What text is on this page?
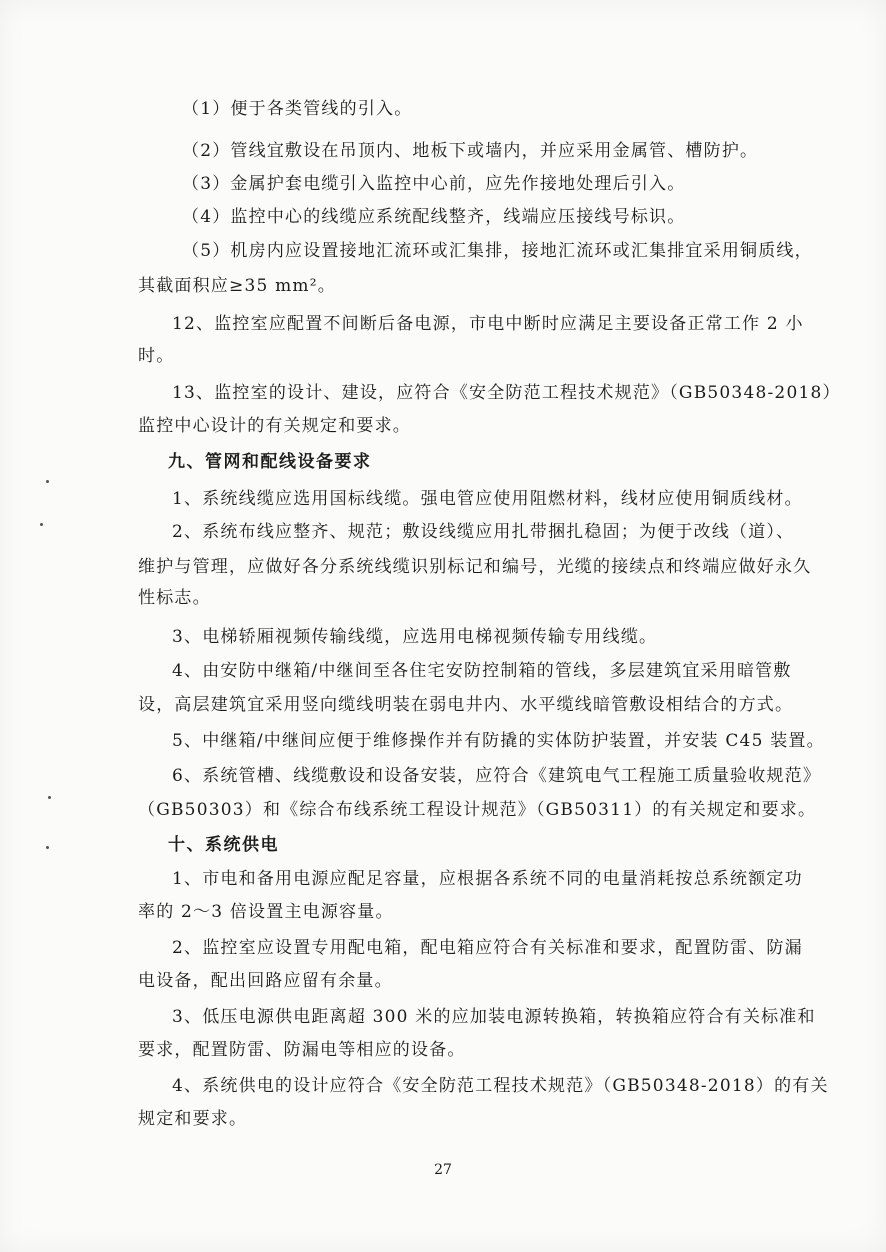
（1）便于各类管线的引入。
（2）管线宜敷设在吊顶内、地板下或墙内，并应采用金属管、槽防护。
（3）金属护套电缆引入监控中心前，应先作接地处理后引入。
（4）监控中心的线缆应系统配线整齐，线端应压接线号标识。
（5）机房内应设置接地汇流环或汇集排，接地汇流环或汇集排宜采用铜质线，
其截面积应≥35 mm²。
12、监控室应配置不间断后备电源，市电中断时应满足主要设备正常工作 2 小
时。
13、监控室的设计、建设，应符合《安全防范工程技术规范》（GB50348-2018）
监控中心设计的有关规定和要求。
九、管网和配线设备要求
1、系统线缆应选用国标线缆。强电管应使用阻燃材料，线材应使用铜质线材。
2、系统布线应整齐、规范；敷设线缆应用扎带捆扎稳固；为便于改线（道）、
维护与管理，应做好各分系统线缆识别标记和编号，光缆的接续点和终端应做好永久
性标志。
3、电梯轿厢视频传输线缆，应选用电梯视频传输专用线缆。
4、由安防中继箱/中继间至各住宅安防控制箱的管线，多层建筑宜采用暗管敷
设，高层建筑宜采用竖向缆线明装在弱电井内、水平缆线暗管敷设相结合的方式。
5、中继箱/中继间应便于维修操作并有防撬的实体防护装置，并安装 C45 装置。
6、系统管槽、线缆敷设和设备安装，应符合《建筑电气工程施工质量验收规范》
（GB50303）和《综合布线系统工程设计规范》（GB50311）的有关规定和要求。
十、系统供电
1、市电和备用电源应配足容量，应根据各系统不同的电量消耗按总系统额定功
率的 2～3 倍设置主电源容量。
2、监控室应设置专用配电箱，配电箱应符合有关标准和要求，配置防雷、防漏
电设备，配出回路应留有余量。
3、低压电源供电距离超 300 米的应加装电源转换箱，转换箱应符合有关标准和
要求，配置防雷、防漏电等相应的设备。
4、系统供电的设计应符合《安全防范工程技术规范》（GB50348-2018）的有关
规定和要求。
27
